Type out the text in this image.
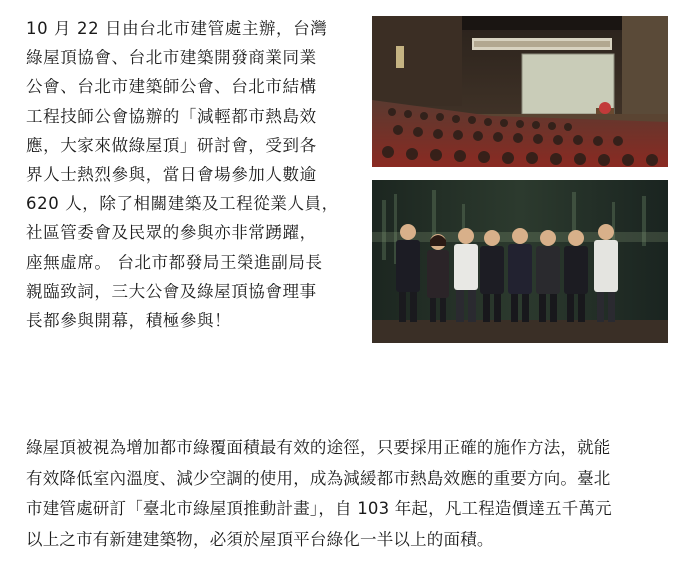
10 月 22 日由台北市建管處主辦，台灣

綠屋頂協會、台北市建築開發商業同業

公會、台北市建築師公會、台北市結構

工程技師公會協辦的「減輕都市熱島效

應，大家來做綠屋頂」研討會，受到各

界人士熱烈參與，當日會場參加人數逾

620 人，除了相關建築及工程從業人員，

社區管委會及民眾的參與亦非常踴躍，

座無虛席。 台北市都發局王榮進副局長

親臨致詞，三大公會及綠屋頂協會理事

長都參與開幕，積極參與！

綠屋頂被視為增加都市綠覆面積最有效的途徑，只要採用正確的施作方法，就能

有效降低室內溫度、減少空調的使用，成為減緩都市熱島效應的重要方向。臺北

市建管處研訂「臺北市綠屋頂推動計畫」，自 103 年起，凡工程造價達五千萬元

以上之市有新建建築物，必須於屋頂平台綠化一半以上的面積。
